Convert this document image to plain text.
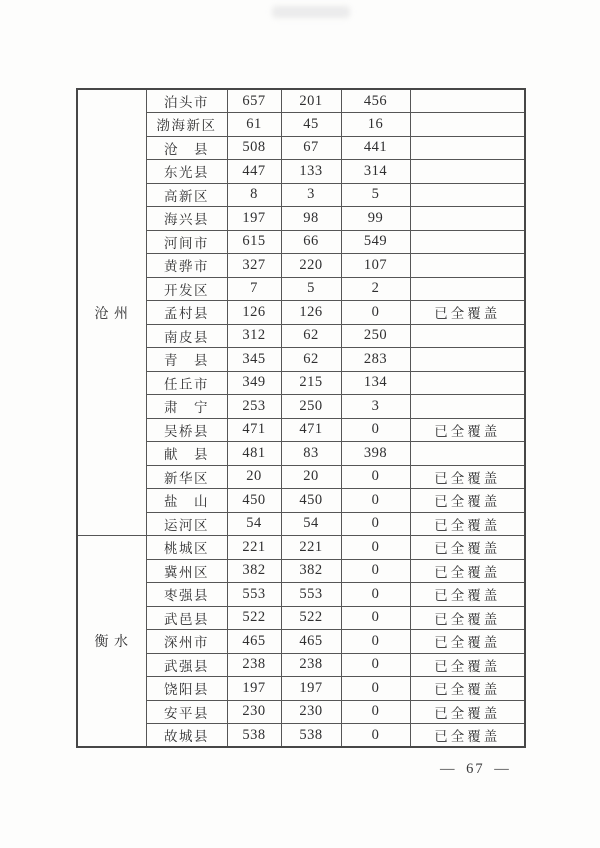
沧 州	泊头市	657	201	456	
	渤海新区	61	45	16	
	沧　县	508	67	441	
	东光县	447	133	314	
	高新区	8	3	5	
	海兴县	197	98	99	
	河间市	615	66	549	
	黄骅市	327	220	107	
	开发区	7	5	2	
	孟村县	126	126	0	已全覆盖
	南皮县	312	62	250	
	青　县	345	62	283	
	任丘市	349	215	134	
	肃　宁	253	250	3	
	吴桥县	471	471	0	已全覆盖
	献　县	481	83	398	
	新华区	20	20	0	已全覆盖
	盐　山	450	450	0	已全覆盖
	运河区	54	54	0	已全覆盖
衡 水	桃城区	221	221	0	已全覆盖
	冀州区	382	382	0	已全覆盖
	枣强县	553	553	0	已全覆盖
	武邑县	522	522	0	已全覆盖
	深州市	465	465	0	已全覆盖
	武强县	238	238	0	已全覆盖
	饶阳县	197	197	0	已全覆盖
	安平县	230	230	0	已全覆盖
	故城县	538	538	0	已全覆盖
— 67 —
